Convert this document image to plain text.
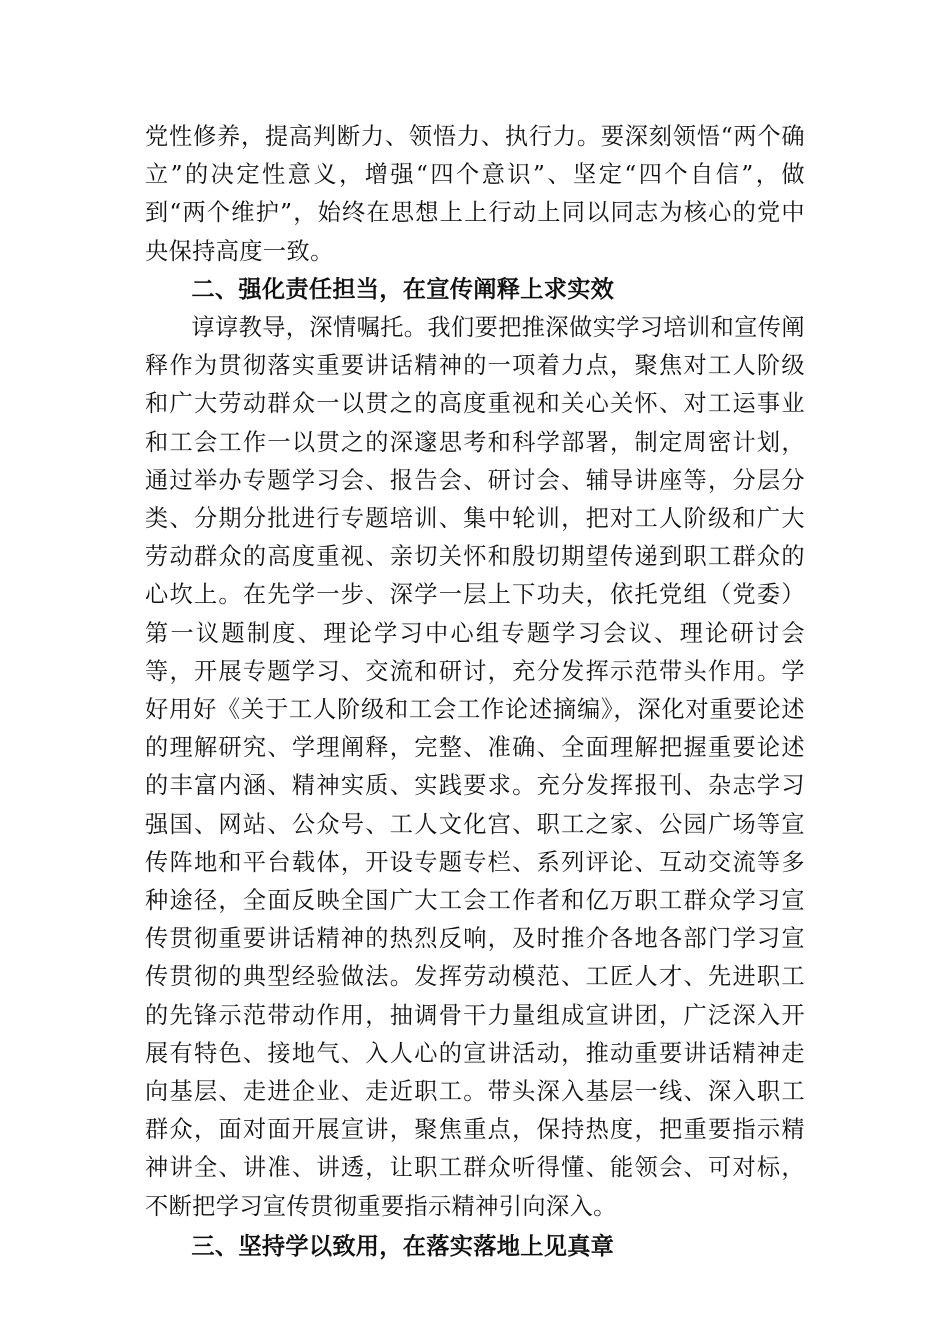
党性修养，提高判断力、领悟力、执行力。要深刻领悟“两个确立”的决定性意义，增强“四个意识”、坚定“四个自信”，做到“两个维护”，始终在思想上上行动上同以同志为核心的党中央保持高度一致。

二、强化责任担当，在宣传阐释上求实效

谆谆教导，深情嘱托。我们要把推深做实学习培训和宣传阐释作为贯彻落实重要讲话精神的一项着力点，聚焦对工人阶级和广大劳动群众一以贯之的高度重视和关心关怀、对工运事业和工会工作一以贯之的深邃思考和科学部署，制定周密计划，通过举办专题学习会、报告会、研讨会、辅导讲座等，分层分类、分期分批进行专题培训、集中轮训，把对工人阶级和广大劳动群众的高度重视、亲切关怀和殷切期望传递到职工群众的心坎上。在先学一步、深学一层上下功夫，依托党组（党委）第一议题制度、理论学习中心组专题学习会议、理论研讨会等，开展专题学习、交流和研讨，充分发挥示范带头作用。学好用好《关于工人阶级和工会工作论述摘编》，深化对重要论述的理解研究、学理阐释，完整、准确、全面理解把握重要论述的丰富内涵、精神实质、实践要求。充分发挥报刊、杂志学习强国、网站、公众号、工人文化宫、职工之家、公园广场等宣传阵地和平台载体，开设专题专栏、系列评论、互动交流等多种途径，全面反映全国广大工会工作者和亿万职工群众学习宣传贯彻重要讲话精神的热烈反响，及时推介各地各部门学习宣传贯彻的典型经验做法。发挥劳动模范、工匠人才、先进职工的先锋示范带动作用，抽调骨干力量组成宣讲团，广泛深入开展有特色、接地气、入人心的宣讲活动，推动重要讲话精神走向基层、走进企业、走近职工。带头深入基层一线、深入职工群众，面对面开展宣讲，聚焦重点，保持热度，把重要指示精神讲全、讲准、讲透，让职工群众听得懂、能领会、可对标，不断把学习宣传贯彻重要指示精神引向深入。

三、坚持学以致用，在落实落地上见真章
